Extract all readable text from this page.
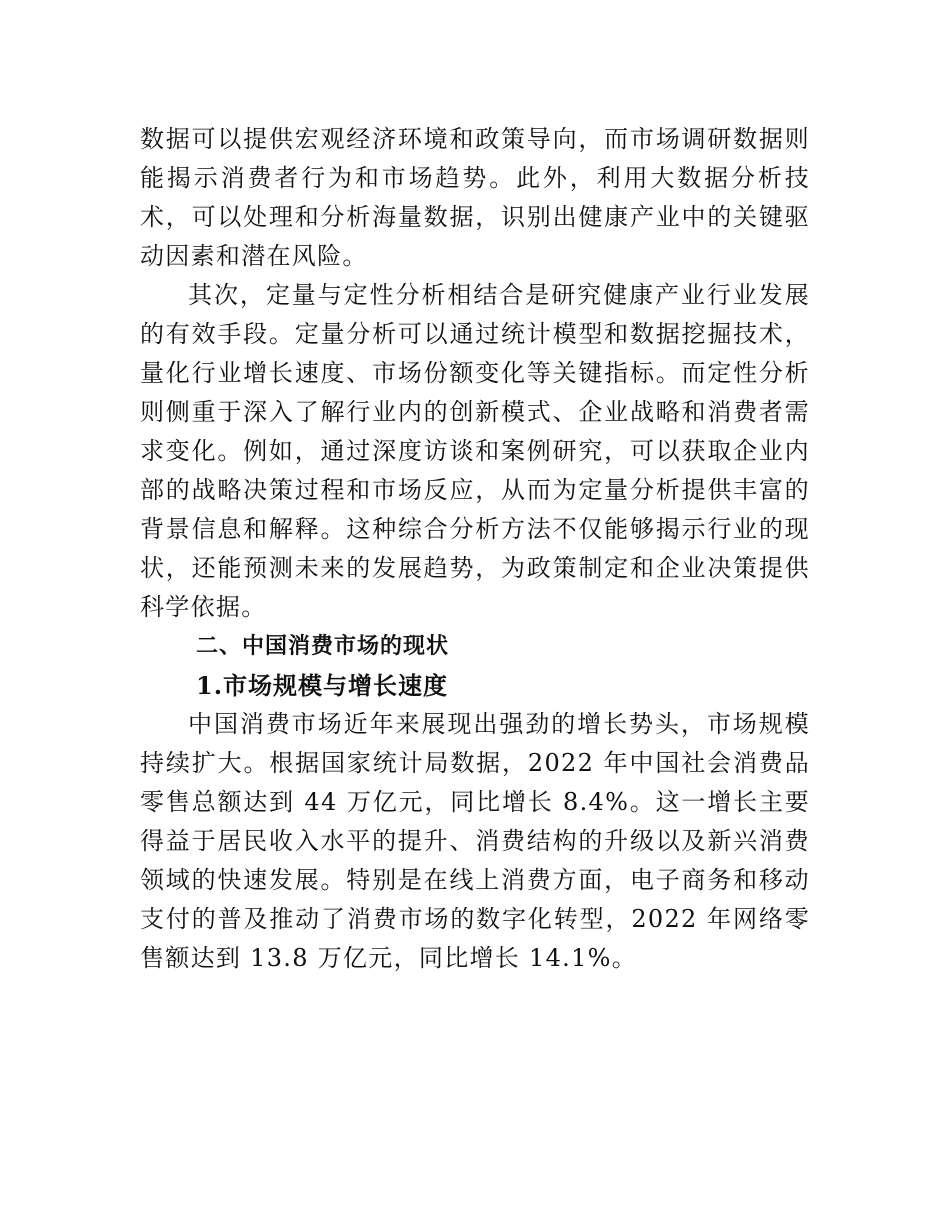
数据可以提供宏观经济环境和政策导向，而市场调研数据则能揭示消费者行为和市场趋势。此外，利用大数据分析技术，可以处理和分析海量数据，识别出健康产业中的关键驱动因素和潜在风险。

其次，定量与定性分析相结合是研究健康产业行业发展的有效手段。定量分析可以通过统计模型和数据挖掘技术，量化行业增长速度、市场份额变化等关键指标。而定性分析则侧重于深入了解行业内的创新模式、企业战略和消费者需求变化。例如，通过深度访谈和案例研究，可以获取企业内部的战略决策过程和市场反应，从而为定量分析提供丰富的背景信息和解释。这种综合分析方法不仅能够揭示行业的现状，还能预测未来的发展趋势，为政策制定和企业决策提供科学依据。

二、中国消费市场的现状
1.市场规模与增长速度

中国消费市场近年来展现出强劲的增长势头，市场规模持续扩大。根据国家统计局数据，2022 年中国社会消费品零售总额达到 44 万亿元，同比增长 8.4%。这一增长主要得益于居民收入水平的提升、消费结构的升级以及新兴消费领域的快速发展。特别是在线上消费方面，电子商务和移动支付的普及推动了消费市场的数字化转型，2022 年网络零售额达到 13.8 万亿元，同比增长 14.1%。
